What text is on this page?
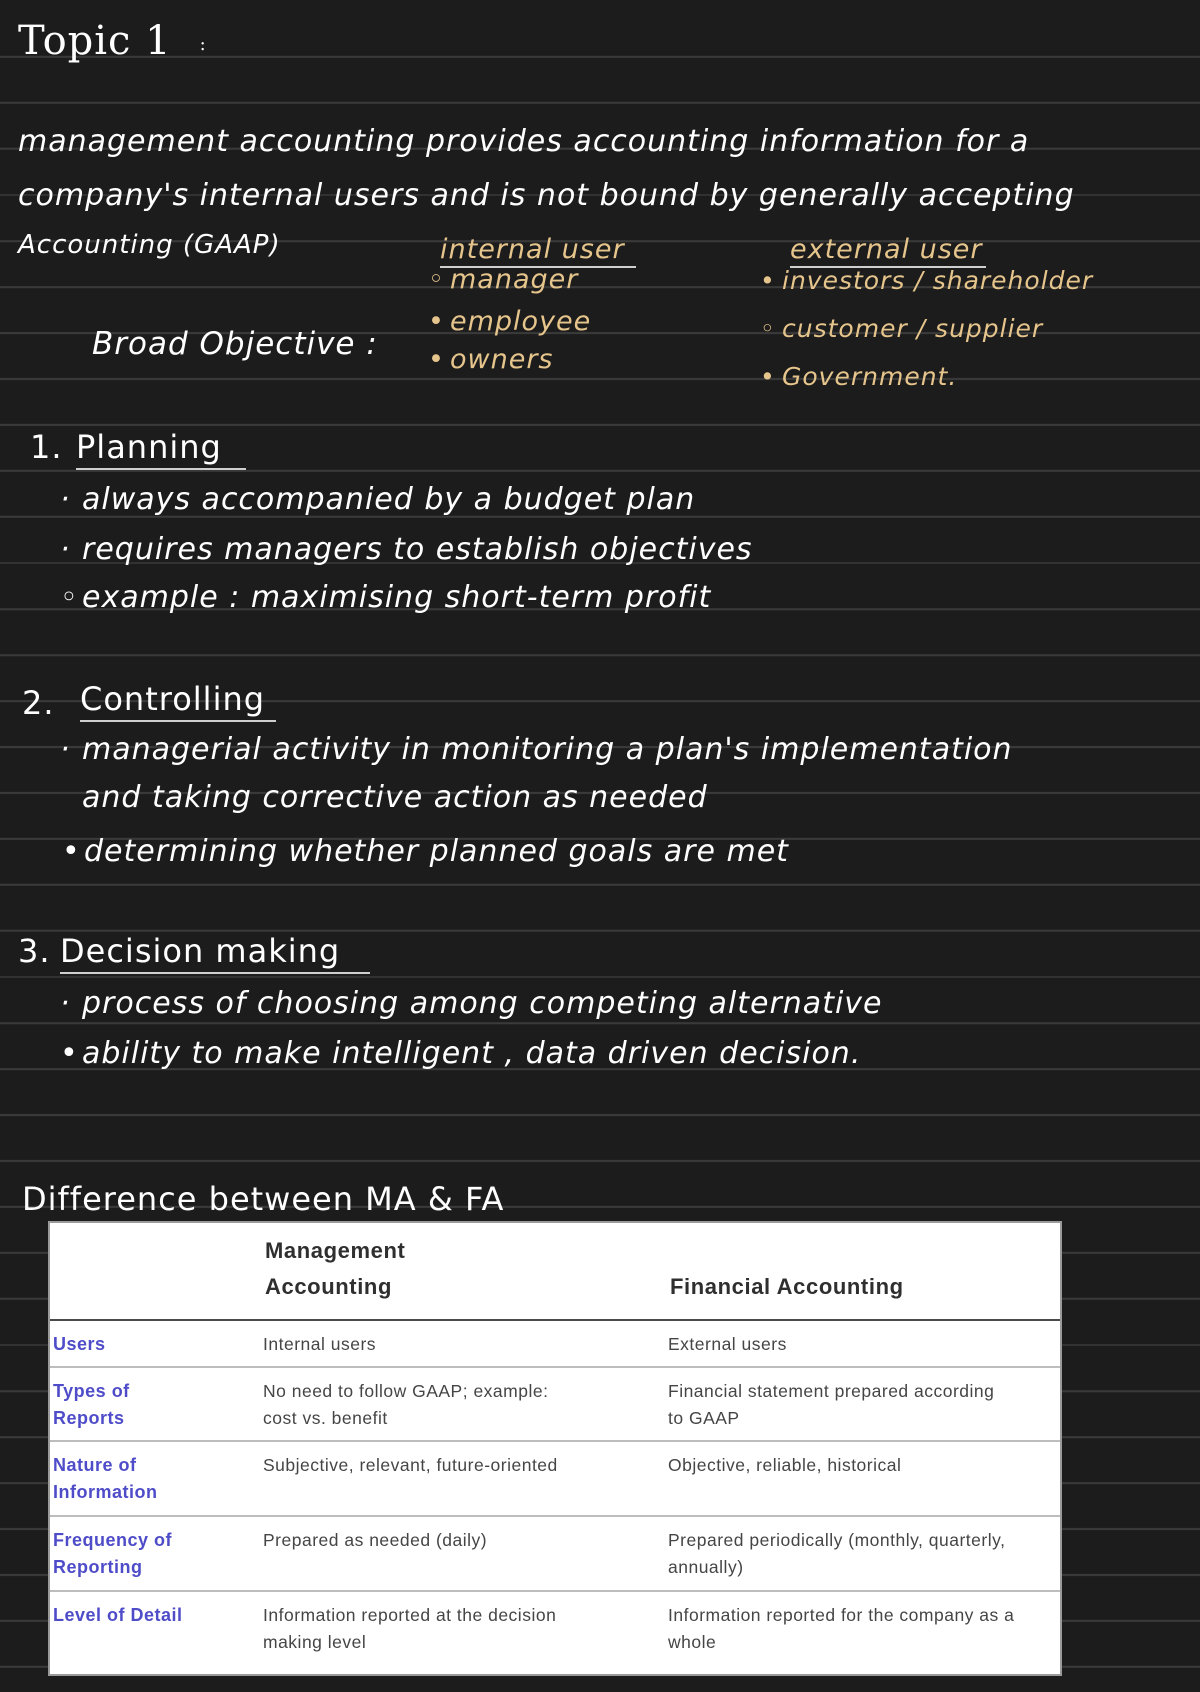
Topic 1 :
management accounting provides accounting information for a
company's internal users and is not bound by generally accepting
Accounting (GAAP)
Broad Objective :
internal user
◦ manager
• employee
• owners
external user
• investors / shareholder
◦ customer / supplier
• Government.
1. Planning
· always accompanied by a budget plan
· requires managers to establish objectives
◦ example : maximising short-term profit
2. Controlling
· managerial activity in monitoring a plan's implementation
and taking corrective action as needed
• determining whether planned goals are met
3. Decision making
· process of choosing among competing alternative
• ability to make intelligent , data driven decision.
Difference between MA & FA
	Management Accounting	Financial Accounting
Users	Internal users	External users
Types of Reports	No need to follow GAAP; example: cost vs. benefit	Financial statement prepared according to GAAP
Nature of Information	Subjective, relevant, future-oriented	Objective, reliable, historical
Frequency of Reporting	Prepared as needed (daily)	Prepared periodically (monthly, quarterly, annually)
Level of Detail	Information reported at the decision making level	Information reported for the company as a whole
